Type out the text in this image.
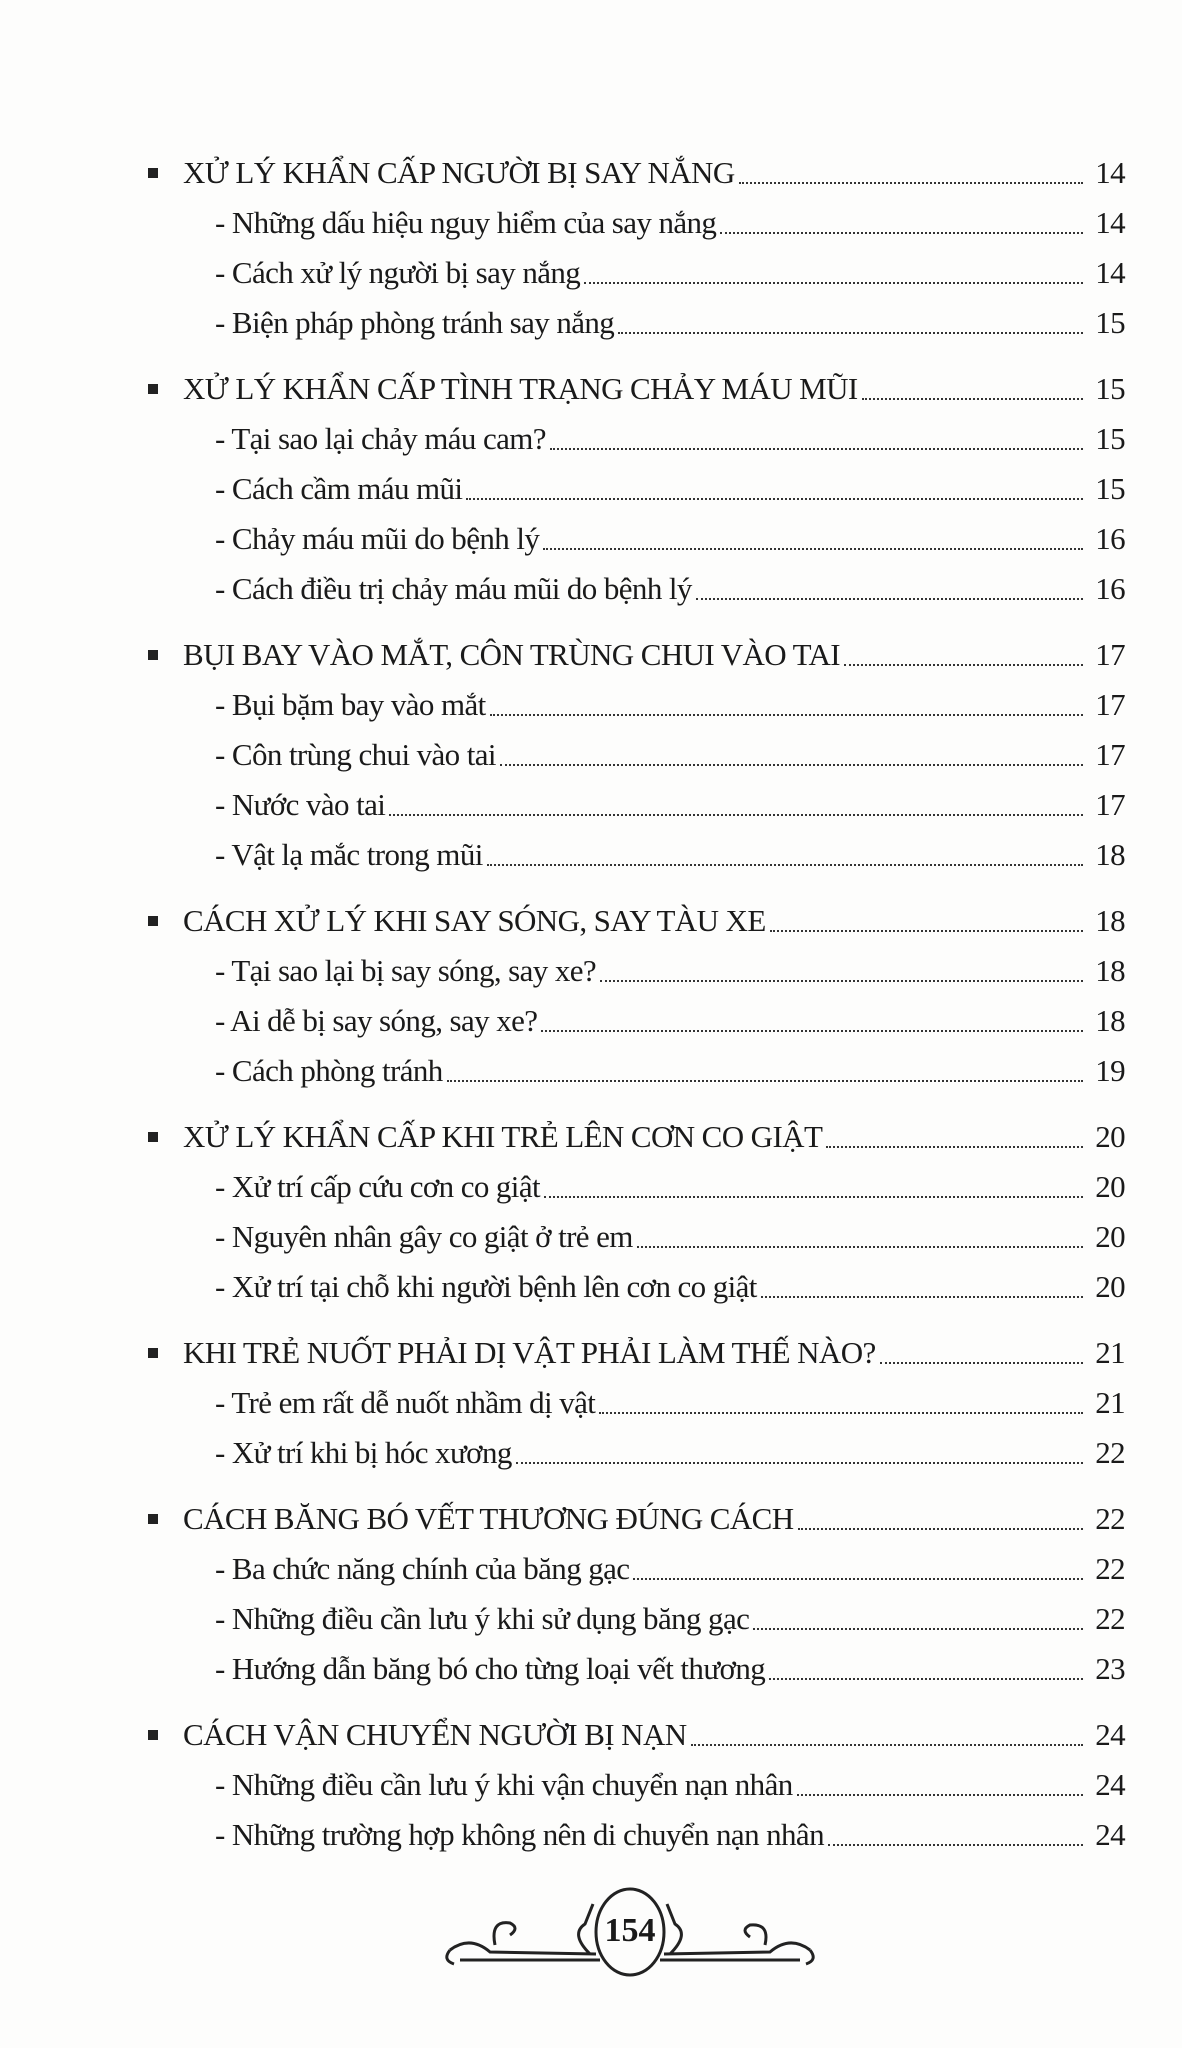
XỬ LÝ KHẨN CẤP NGƯỜI BỊ SAY NẮNG	14
- Những dấu hiệu nguy hiểm của say nắng	14
- Cách xử lý người bị say nắng	14
- Biện pháp phòng tránh say nắng	15
XỬ LÝ KHẨN CẤP TÌNH TRẠNG CHẢY MÁU MŨI	15
- Tại sao lại chảy máu cam?	15
- Cách cầm máu mũi	15
- Chảy máu mũi do bệnh lý	16
- Cách điều trị chảy máu mũi do bệnh lý	16
BỤI BAY VÀO MẮT, CÔN TRÙNG CHUI VÀO TAI	17
- Bụi bặm bay vào mắt	17
- Côn trùng chui vào tai	17
- Nước vào tai	17
- Vật lạ mắc trong mũi	18
CÁCH XỬ LÝ KHI SAY SÓNG, SAY TÀU XE	18
- Tại sao lại bị say sóng, say xe?	18
- Ai dễ bị say sóng, say xe?	18
- Cách phòng tránh	19
XỬ LÝ KHẨN CẤP KHI TRẺ LÊN CƠN CO GIẬT	20
- Xử trí cấp cứu cơn co giật	20
- Nguyên nhân gây co giật ở trẻ em	20
- Xử trí tại chỗ khi người bệnh lên cơn co giật	20
KHI TRẺ NUỐT PHẢI DỊ VẬT PHẢI LÀM THẾ NÀO?	21
- Trẻ em rất dễ nuốt nhầm dị vật	21
- Xử trí khi bị hóc xương	22
CÁCH BĂNG BÓ VẾT THƯƠNG ĐÚNG CÁCH	22
- Ba chức năng chính của băng gạc	22
- Những điều cần lưu ý khi sử dụng băng gạc	22
- Hướng dẫn băng bó cho từng loại vết thương	23
CÁCH VẬN CHUYỂN NGƯỜI BỊ NẠN	24
- Những điều cần lưu ý khi vận chuyển nạn nhân	24
- Những trường hợp không nên di chuyển nạn nhân	24
154
